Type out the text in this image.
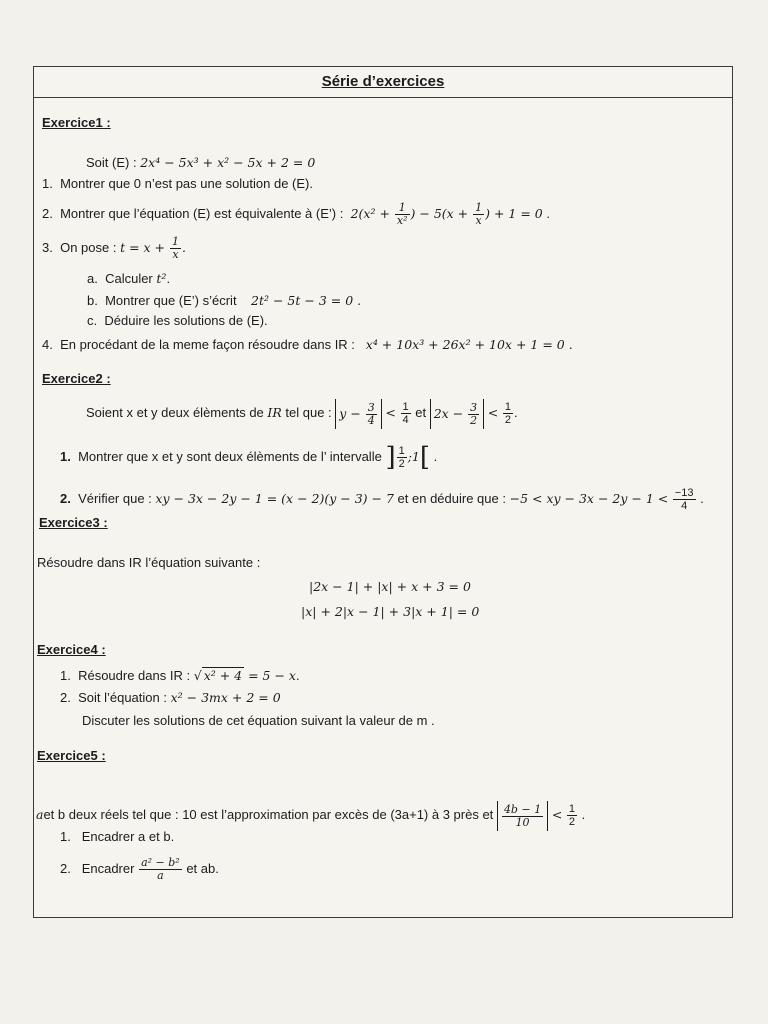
Série d’exercices
Exercice1 :
Soit (E) : 2x⁴ − 5x³ + x² − 5x + 2 = 0
1. Montrer que 0 n’est pas une solution de (E).
2. Montrer que l’équation (E) est équivalente à (E’) : $2(x^2 + \frac{1}{\text{x²}}$ ) − $5(x + \frac{1}{x}$ ) + 1 = 0 .
3. On pose : $t = x + \frac{1}{x}$ .
a. Calculer t².
b. Montrer que (E’) s’écrit 2t² − 5t − 3 = 0 .
c. Déduire les solutions de (E).
4. En procédant de la meme façon résoudre dans IR : x⁴ + 10x³ + 26x² + 10x + 1 = 0 .
Exercice2 :
Soient x et y deux élèments de IR tel que : $y - \frac{3}{4} < \frac{1}{4}$ et $2x - \frac{3}{2} < \frac{1}{2}$ .
1. Montrer que x et y sont deux élèments de l’ intervalle ] $\frac{1}{2}$ ;1[ .
2. Vérifier que : xy − 3x − 2y − 1 = (x − 2)(y − 3) − 7 et en déduire que : −5 < xy − $3x - 2y - 1 < \frac{-13}{4}$ .
Exercice3 :
Résoudre dans IR l’équation suivante :
|2x − 1| + |x| + x + 3 = 0
|x| + 2|x − 1| + 3|x + 1| = 0
Exercice4 :
1. Résoudre dans IR : √ x² + 4 = 5 − x.
2. Soit l’équation : x² − 3mx + 2 = 0
Discuter les solutions de cet équation suivant la valeur de m .
Exercice5 :
aet b deux réels tel que : 10 est l’approximation par excès de (3a+1) à 3 près et $\frac{4b - 1}{10} < \frac{1}{2}$ .
1. Encadrer a et b.
2. Encadrer $\frac{\text{a² − b²}}{a}$ et ab.
